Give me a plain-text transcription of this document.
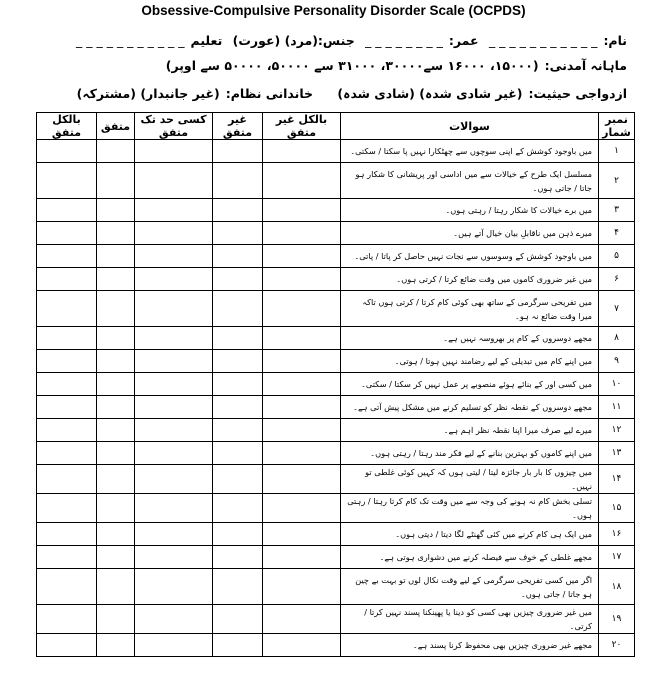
Obsessive-Compulsive Personality Disorder Scale (OCPDS)
نام:_ _ _ _ _ _ _ _ _ _ _ عمر:_ _ _ _ _ _ _ _ جنس:(مرد) (عورت) تعلیم_ _ _ _ _ _ _ _ _ _ _
ماہانہ آمدنی:(۱۵۰۰۰، ۱۶۰۰۰ سے۳۰۰۰۰، ۳۱۰۰۰ سے ۵۰۰۰۰، ۵۰۰۰۰ سے اوپر)
ازدواجی حیثیت:(غیر شادی شدہ) (شادی شدہ) خاندانی نظام:(غیر جانبدار) (مشترکہ)
نمبر شمار	سوالات	بالکل غیر متفق	غیر متفق	کسی حد تک متفق	متفق	بالکل متفق
۱	میں باوجود کوشش کے اپنی سوچوں سے چھٹکارا نہیں پا سکتا / سکتی۔					

۲	مسلسل ایک طرح کے خیالات سے میں اداسی اور پریشانی کا شکار ہو جاتا / جاتی ہوں۔					

۳	میں برے خیالات کا شکار رہتا / رہتی ہوں۔					

۴	میرے ذہن میں ناقابلِ بیان خیال آتے ہیں۔					

۵	میں باوجود کوشش کے وسوسوں سے نجات نہیں حاصل کر پاتا / پاتی۔					

۶	میں غیر ضروری کاموں میں وقت ضائع کرتا / کرتی ہوں۔					

۷	میں تفریحی سرگرمی کے ساتھ بھی کوئی کام کرتا / کرتی ہوں تاکہ میرا وقت ضائع نہ ہو۔					

۸	مجھے دوسروں کے کام پر بھروسہ نہیں ہے۔					

۹	میں اپنے کام میں تبدیلی کے لیے رضامند نہیں ہوتا / ہوتی۔					

۱۰	میں کسی اور کے بنائے ہوئے منصوبے پر عمل نہیں کر سکتا / سکتی۔					

۱۱	مجھے دوسروں کے نقطہ نظر کو تسلیم کرنے میں مشکل پیش آتی ہے۔					

۱۲	میرے لیے صرف میرا اپنا نقطہ نظر اہم ہے۔					

۱۳	میں اپنے کاموں کو بہترین بنانے کے لیے فکر مند رہتا / رہتی ہوں۔					

۱۴	میں چیزوں کا بار بار جائزہ لیتا / لیتی ہوں کہ کہیں کوئی غلطی تو نہیں۔					

۱۵	تسلی بخش کام نہ ہونے کی وجہ سے میں وقت تک کام کرتا رہتا / رہتی ہوں۔					

۱۶	میں ایک ہی کام کرنے میں کئی گھنٹے لگا دیتا / دیتی ہوں۔					

۱۷	مجھے غلطی کے خوف سے فیصلہ کرنے میں دشواری ہوتی ہے۔					

۱۸	اگر میں کسی تفریحی سرگرمی کے لیے وقت نکال لوں تو بہت بے چین ہو جاتا / جاتی ہوں۔					

۱۹	میں غیر ضروری چیزیں بھی کسی کو دینا یا پھینکنا پسند نہیں کرتا / کرتی۔					

۲۰	مجھے غیر ضروری چیزیں بھی محفوظ کرنا پسند ہے۔					
